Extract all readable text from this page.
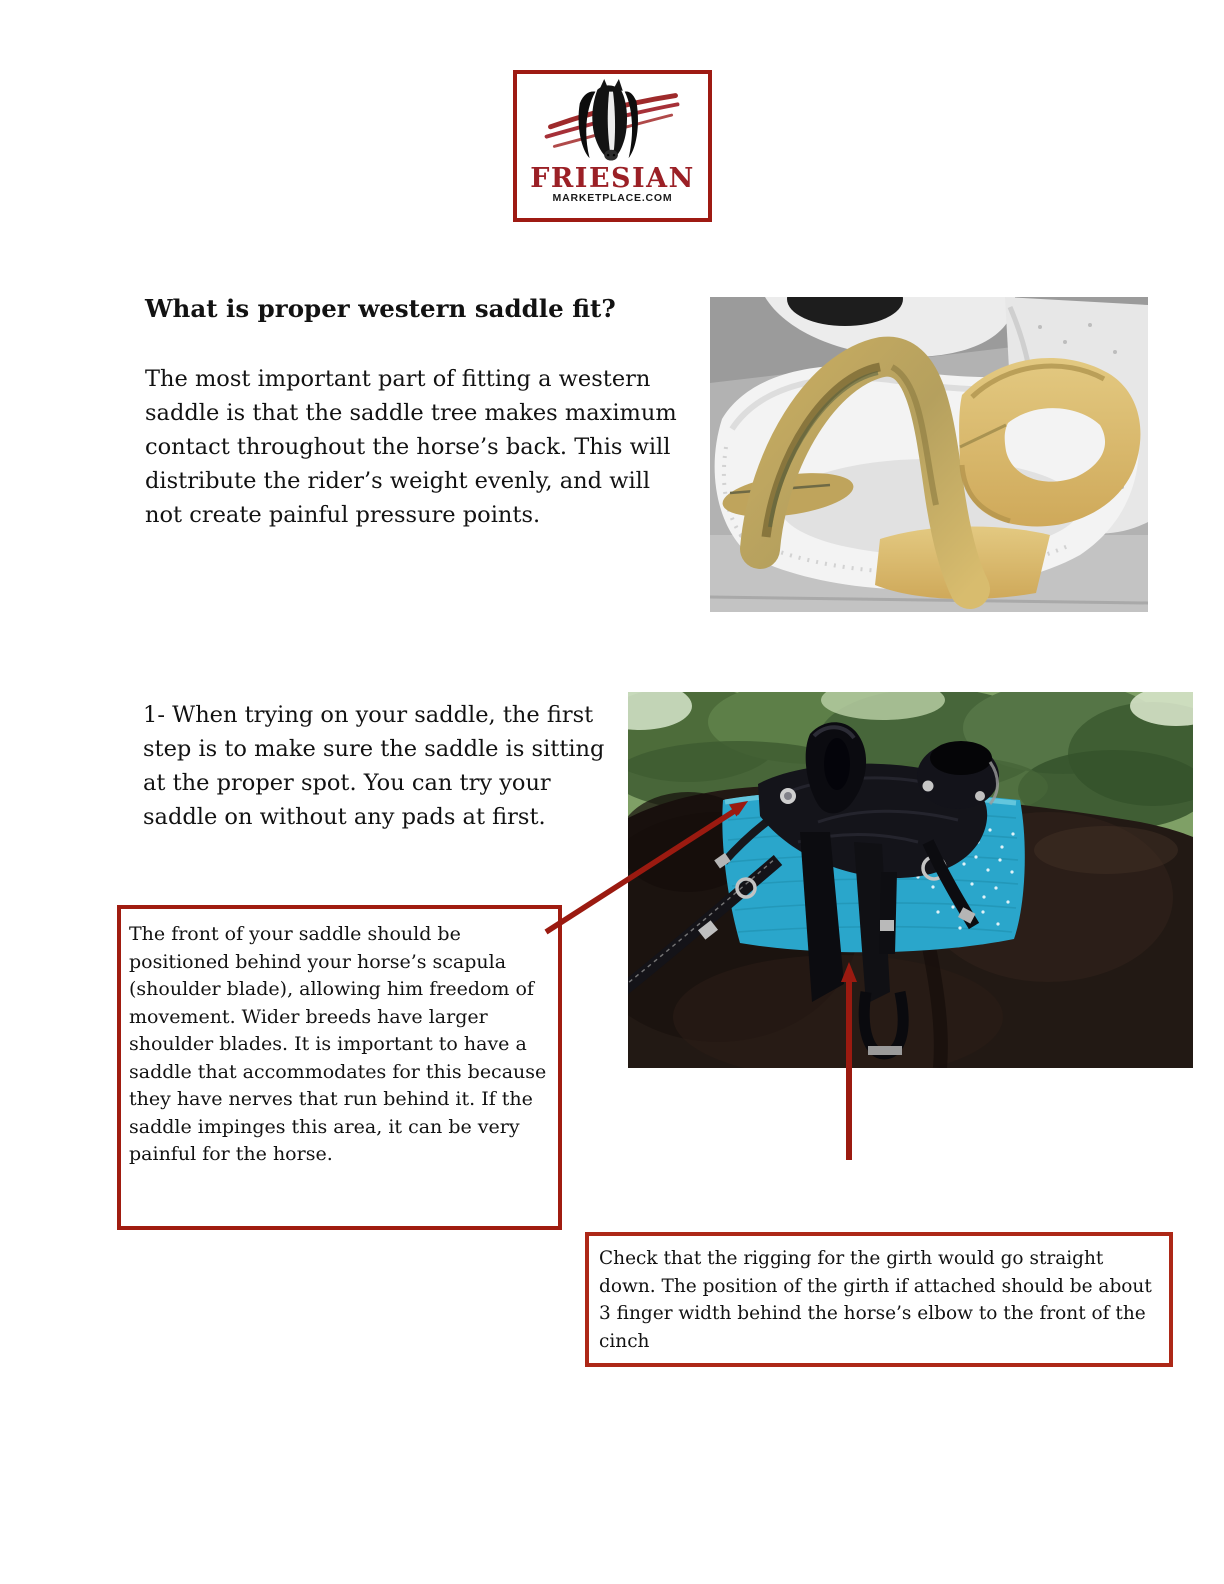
FRIESIAN
MARKETPLACE.COM
What is proper western saddle fit?
The most important part of fitting a western saddle is that the saddle tree makes maximum contact throughout the horse’s back. This will distribute the rider’s weight evenly, and will not create painful pressure points.
1- When trying on your saddle, the first step is to make sure the saddle is sitting at the proper spot. You can try your saddle on without any pads at first.
The front of your saddle should be positioned behind your horse’s scapula (shoulder blade), allowing him freedom of movement. Wider breeds have larger shoulder blades. It is important to have a saddle that accommodates for this because they have nerves that run behind it. If the saddle impinges this area, it can be very painful for the horse.
Check that the rigging for the girth would go straight down. The position of the girth if attached should be about 3 finger width behind the horse’s elbow to the front of the cinch
